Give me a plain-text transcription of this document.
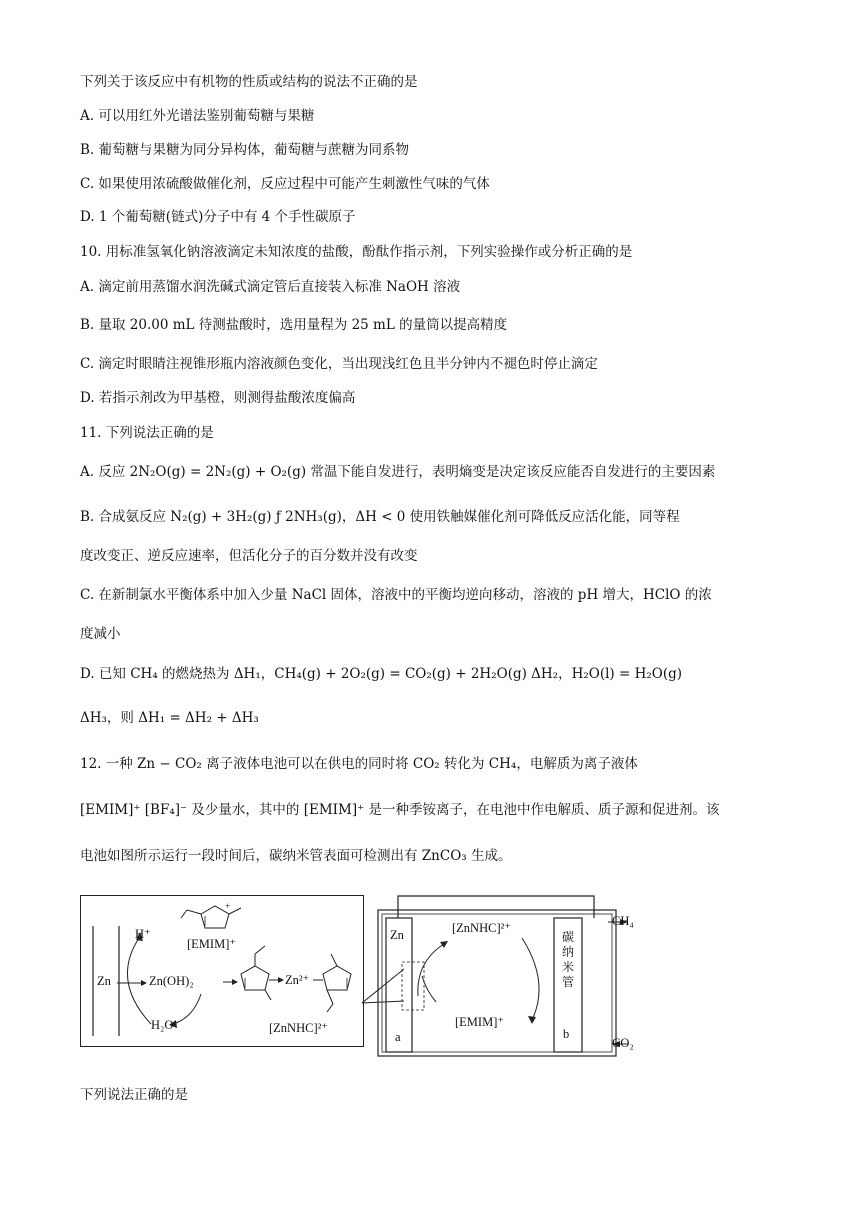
下列关于该反应中有机物的性质或结构的说法不正确的是
A. 可以用红外光谱法鉴别葡萄糖与果糖
B. 葡萄糖与果糖为同分异构体，葡萄糖与蔗糖为同系物
C. 如果使用浓硫酸做催化剂，反应过程中可能产生刺激性气味的气体
D. 1 个葡萄糖(链式)分子中有 4 个手性碳原子
10. 用标准氢氧化钠溶液滴定未知浓度的盐酸，酚酞作指示剂，下列实验操作或分析正确的是
A. 滴定前用蒸馏水润洗碱式滴定管后直接装入标准 NaOH 溶液
B. 量取 20.00 mL 待测盐酸时，选用量程为 25 mL 的量筒以提高精度
C. 滴定时眼睛注视锥形瓶内溶液颜色变化，当出现浅红色且半分钟内不褪色时停止滴定
D. 若指示剂改为甲基橙，则测得盐酸浓度偏高
11. 下列说法正确的是
A. 反应 2N₂O(g) = 2N₂(g) + O₂(g) 常温下能自发进行，表明熵变是决定该反应能否自发进行的主要因素
B. 合成氨反应 N₂(g) + 3H₂(g) ƒ 2NH₃(g)，ΔH < 0 使用铁触媒催化剂可降低反应活化能，同等程
度改变正、逆反应速率，但活化分子的百分数并没有改变
C. 在新制氯水平衡体系中加入少量 NaCl 固体，溶液中的平衡均逆向移动，溶液的 pH 增大，HClO 的浓
度减小
D. 已知 CH₄ 的燃烧热为 ΔH₁，CH₄(g) + 2O₂(g) = CO₂(g) + 2H₂O(g) ΔH₂，H₂O(l) = H₂O(g)
ΔH₃，则 ΔH₁ = ΔH₂ + ΔH₃
12. 一种 Zn − CO₂ 离子液体电池可以在供电的同时将 CO₂ 转化为 CH₄，电解质为离子液体
[EMIM]⁺ [BF₄]⁻ 及少量水，其中的 [EMIM]⁺ 是一种季铵离子，在电池中作电解质、质子源和促进剂。该
电池如图所示运行一段时间后，碳纳米管表面可检测出有 ZnCO₃ 生成。
下列说法正确的是
+
H⁺
[EMIM]⁺
Zn	Zn(OH)₂	Zn²⁺
H₂O	[ZnNHC]²⁺
Zn
a
[ZnNHC]²⁺
[EMIM]⁺
碳纳米管
b
CH₄
CO₂
